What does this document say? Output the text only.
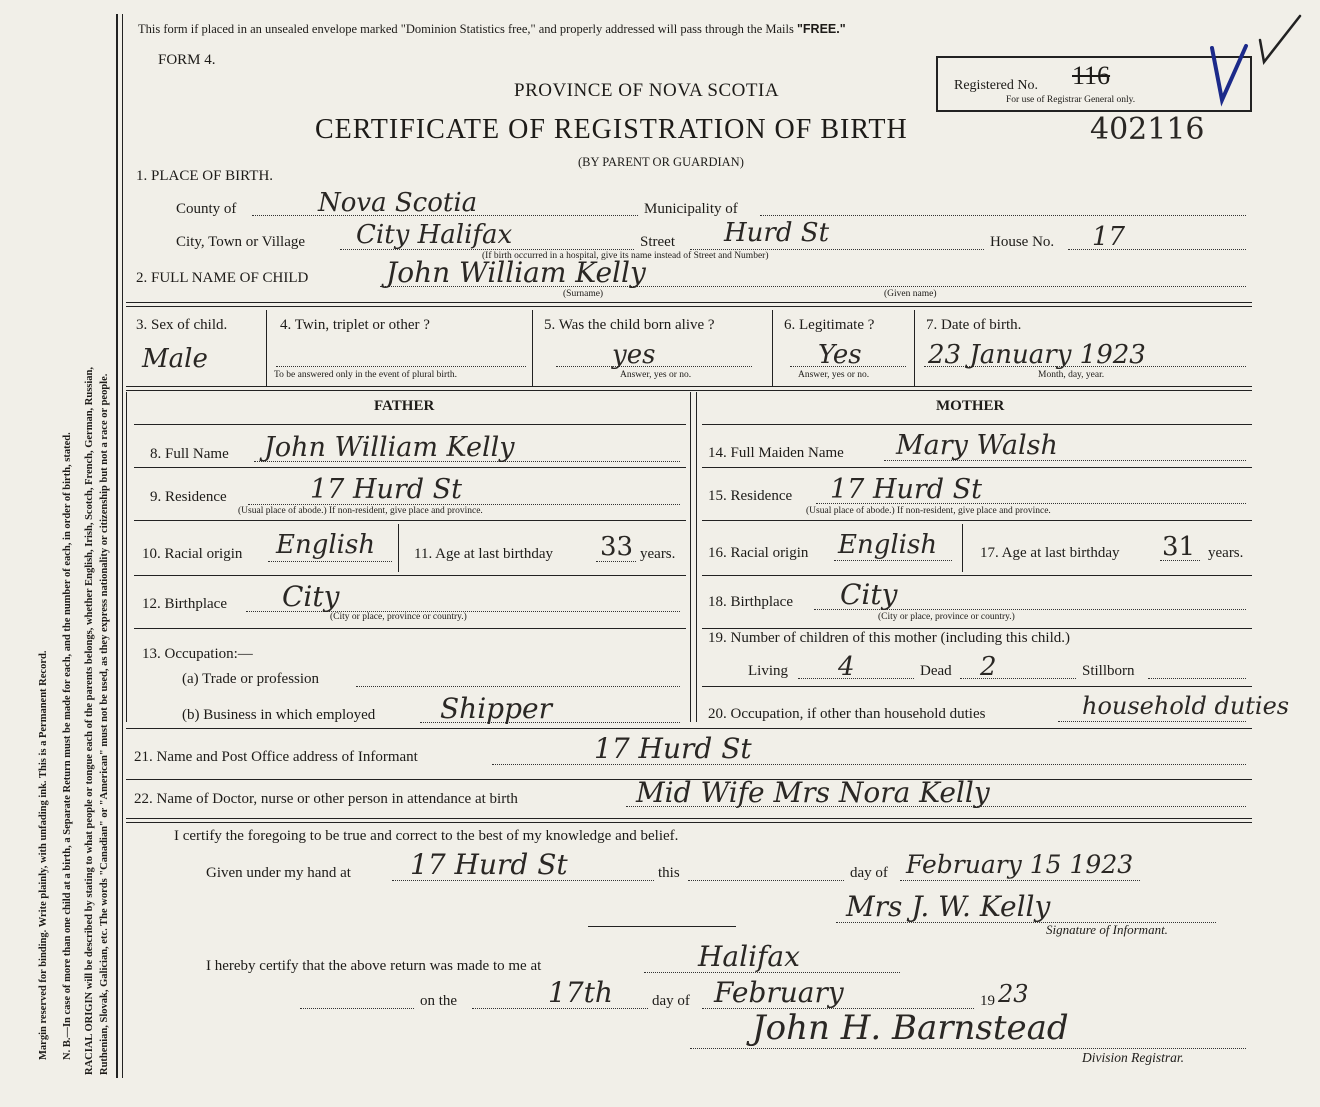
Margin reserved for binding. Write plainly, with unfading ink. This is a Permanent Record. N. B.—In case of more than one child at a birth, a Separate Return must be made for each, and the number of each, in order of birth, stated. RACIAL ORIGIN will be described by stating to what people or tongue each of the parents belongs, whether English, Irish, Scotch, French, German, Russian, Ruthenian, Slovak, Galician, etc. The words "Canadian" or "American" must not be used, as they express nationality or citizenship but not a race or people.
This form if placed in an unsealed envelope marked "Dominion Statistics free," and properly addressed will pass through the Mails "FREE."
FORM 4.
PROVINCE OF NOVA SCOTIA
CERTIFICATE OF REGISTRATION OF BIRTH	402116
(BY PARENT OR GUARDIAN)
Registered No. 116
For use of Registrar General only.
1. PLACE OF BIRTH.
County of	Nova Scotia	Municipality of
City, Town or Village City Halifax	Street Hurd St	House No. 17
(If birth occurred in a hospital, give its name instead of Street and Number)
2. FULL NAME OF CHILD	John William Kelly
(Surname)	(Given name)
3. Sex of child.
Male
4. Twin, triplet or other ?
To be answered only in the event of plural birth.
5. Was the child born alive ?
yes
Answer, yes or no.
6. Legitimate ?
Yes
Answer, yes or no.
7. Date of birth.
23 January 1923
Month, day, year.
FATHER	MOTHER
8. Full Name John William Kelly
9. Residence	17 Hurd St
(Usual place of abode.) If non-resident, give place and province.
10. Racial origin English	11. Age at last birthday 33 years.
12. Birthplace City
(City or place, province or country.)
13. Occupation:—
(a) Trade or profession
(b) Business in which employed Shipper
14. Full Maiden Name Mary Walsh
15. Residence 17 Hurd St
(Usual place of abode.) If non-resident, give place and province.
16. Racial origin English	17. Age at last birthday 31 years.
18. Birthplace City
(City or place, province or country.)
19. Number of children of this mother (including this child.)
Living 4	Dead 2	Stillborn
20. Occupation, if other than household duties	household duties
21. Name and Post Office address of Informant	17 Hurd St
22. Name of Doctor, nurse or other person in attendance at birth	Mid Wife Mrs Nora Kelly
I certify the foregoing to be true and correct to the best of my knowledge and belief.
Given under my hand at 17 Hurd St	this	day of February 15 1923
Mrs J. W. Kelly
Signature of Informant.
I hereby certify that the above return was made to me at	Halifax
on the	17th	day of February	19 23
John H. Barnstead
Division Registrar.
